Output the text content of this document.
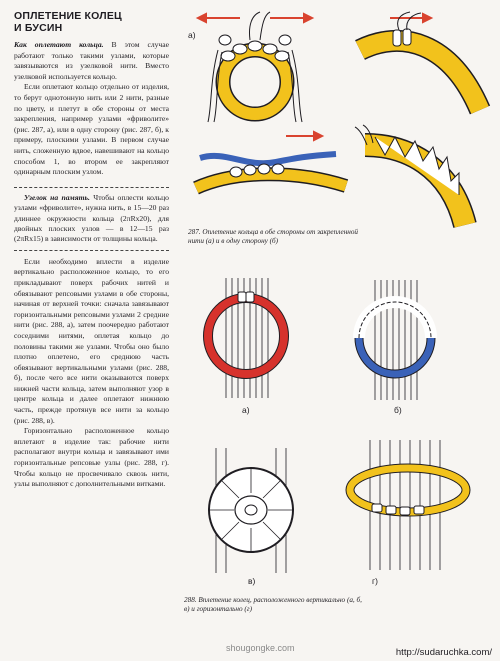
ОПЛЕТЕНИЕ КОЛЕЦ
И БУСИН

Как оплетают кольца. В этом случае работают только такими узлами, которые завязываются из узелковой нити. Вместо узелковой используется кольцо.

Если оплетают кольцо отдельно от изделия, то берут однотонную нить или 2 нити, разные по цвету, и плетут в обе стороны от места закрепления, например узлами «фриволите» (рис. 287, а), или в одну сторону (рис. 287, б), к примеру, плоскими узлами. В первом случае нить, сложенную вдвое, навешивают на кольцо способом 1, во втором ее закрепляют одинарным плоским узлом.

Узелок на память. Чтобы оплести кольцо узлами «фриволите», нужна нить, в 15—20 раз длиннее окружности кольца (2πRx20), для двойных плоских узлов — в 12—15 раз (2πRx15) в зависимости от толщины кольца.

Если необходимо вплести в изделие вертикально расположенное кольцо, то его прикладывают поверх рабочих нитей и обвязывают репсовыми узлами в обе стороны, начиная от верхней точки: сначала завязывают горизонтальными репсовыми узлами 2 средние нити (рис. 288, а), затем поочередно работают соседними нитями, оплетая кольцо до половины такими же узлами. Чтобы оно было плотно оплетено, его среднюю часть обвязывают вертикальными узлами (рис. 288, б), после чего все нити оказываются поверх нижней части кольца, затем выполняют узор в центре кольца и далее оплетают нижнюю часть, прежде протянув все нити за кольцо (рис. 288, в).

Горизонтально расположенное кольцо вплетают в изделие так: рабочие нити располагают внутри кольца и завязывают ими горизонтальные репсовые узлы (рис. 288, г). Чтобы кольцо не просвечивало сквозь нити, узлы выполняют с дополнительными витками.

а)	б)
287. Оплетение кольца в обе стороны от закрепленной нити (а) и в одну сторону (б)
а)	б)
в)	г)
288. Вплетение колец, расположенного вертикально (а, б, в) и горизонтально (г)
shougongke.com	http://sudaruchka.com/
